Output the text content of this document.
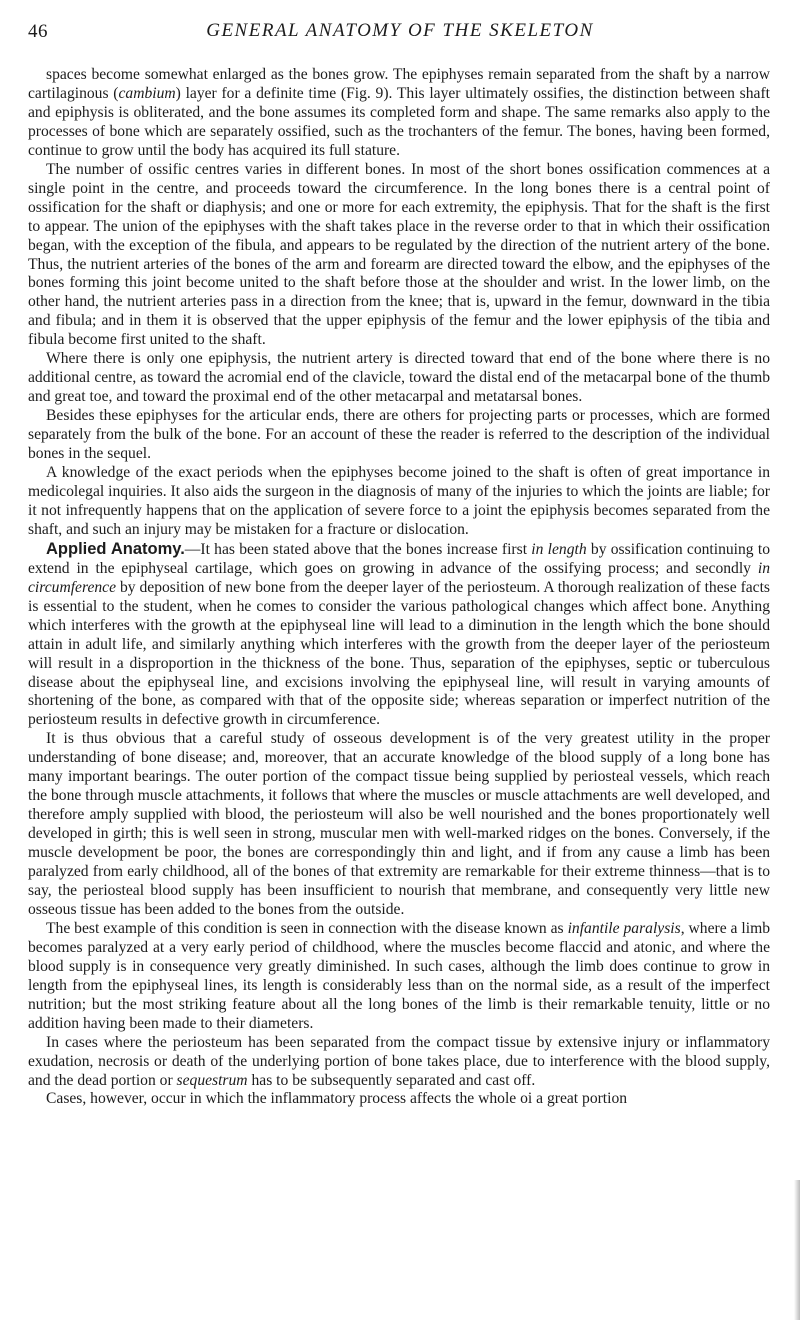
46	GENERAL ANATOMY OF THE SKELETON

spaces become somewhat enlarged as the bones grow. The epiphyses remain separated from the shaft by a narrow cartilaginous (cambium) layer for a definite time (Fig. 9). This layer ultimately ossifies, the distinction between shaft and epiphysis is obliterated, and the bone assumes its completed form and shape. The same remarks also apply to the processes of bone which are separately ossified, such as the trochanters of the femur. The bones, having been formed, continue to grow until the body has acquired its full stature.

The number of ossific centres varies in different bones. In most of the short bones ossification commences at a single point in the centre, and proceeds toward the circumference. In the long bones there is a central point of ossification for the shaft or diaphysis; and one or more for each extremity, the epiphysis. That for the shaft is the first to appear. The union of the epiphyses with the shaft takes place in the reverse order to that in which their ossification began, with the exception of the fibula, and appears to be regulated by the direction of the nutrient artery of the bone. Thus, the nutrient arteries of the bones of the arm and forearm are directed toward the elbow, and the epiphyses of the bones forming this joint become united to the shaft before those at the shoulder and wrist. In the lower limb, on the other hand, the nutrient arteries pass in a direction from the knee; that is, upward in the femur, downward in the tibia and fibula; and in them it is observed that the upper epiphysis of the femur and the lower epiphysis of the tibia and fibula become first united to the shaft.

Where there is only one epiphysis, the nutrient artery is directed toward that end of the bone where there is no additional centre, as toward the acromial end of the clavicle, toward the distal end of the metacarpal bone of the thumb and great toe, and toward the proximal end of the other metacarpal and metatarsal bones.

Besides these epiphyses for the articular ends, there are others for projecting parts or processes, which are formed separately from the bulk of the bone. For an account of these the reader is referred to the description of the individual bones in the sequel.

A knowledge of the exact periods when the epiphyses become joined to the shaft is often of great importance in medicolegal inquiries. It also aids the surgeon in the diagnosis of many of the injuries to which the joints are liable; for it not infrequently happens that on the application of severe force to a joint the epiphysis becomes separated from the shaft, and such an injury may be mistaken for a fracture or dislocation.

Applied Anatomy.—It has been stated above that the bones increase first in length by ossification continuing to extend in the epiphyseal cartilage, which goes on growing in advance of the ossifying process; and secondly in circumference by deposition of new bone from the deeper layer of the periosteum. A thorough realization of these facts is essential to the student, when he comes to consider the various pathological changes which affect bone. Anything which interferes with the growth at the epiphyseal line will lead to a diminution in the length which the bone should attain in adult life, and similarly anything which interferes with the growth from the deeper layer of the periosteum will result in a disproportion in the thickness of the bone. Thus, separation of the epiphyses, septic or tuberculous disease about the epiphyseal line, and excisions involving the epiphyseal line, will result in varying amounts of shortening of the bone, as compared with that of the opposite side; whereas separation or imperfect nutrition of the periosteum results in defective growth in circumference.

It is thus obvious that a careful study of osseous development is of the very greatest utility in the proper understanding of bone disease; and, moreover, that an accurate knowledge of the blood supply of a long bone has many important bearings. The outer portion of the compact tissue being supplied by periosteal vessels, which reach the bone through muscle attachments, it follows that where the muscles or muscle attachments are well developed, and therefore amply supplied with blood, the periosteum will also be well nourished and the bones proportionately well developed in girth; this is well seen in strong, muscular men with well-marked ridges on the bones. Conversely, if the muscle development be poor, the bones are correspondingly thin and light, and if from any cause a limb has been paralyzed from early childhood, all of the bones of that extremity are remarkable for their extreme thinness—that is to say, the periosteal blood supply has been insufficient to nourish that membrane, and consequently very little new osseous tissue has been added to the bones from the outside.

The best example of this condition is seen in connection with the disease known as infantile paralysis, where a limb becomes paralyzed at a very early period of childhood, where the muscles become flaccid and atonic, and where the blood supply is in consequence very greatly diminished. In such cases, although the limb does continue to grow in length from the epiphyseal lines, its length is considerably less than on the normal side, as a result of the imperfect nutrition; but the most striking feature about all the long bones of the limb is their remarkable tenuity, little or no addition having been made to their diameters.

In cases where the periosteum has been separated from the compact tissue by extensive injury or inflammatory exudation, necrosis or death of the underlying portion of bone takes place, due to interference with the blood supply, and the dead portion or sequestrum has to be subsequently separated and cast off.

Cases, however, occur in which the inflammatory process affects the whole oi a great portion
